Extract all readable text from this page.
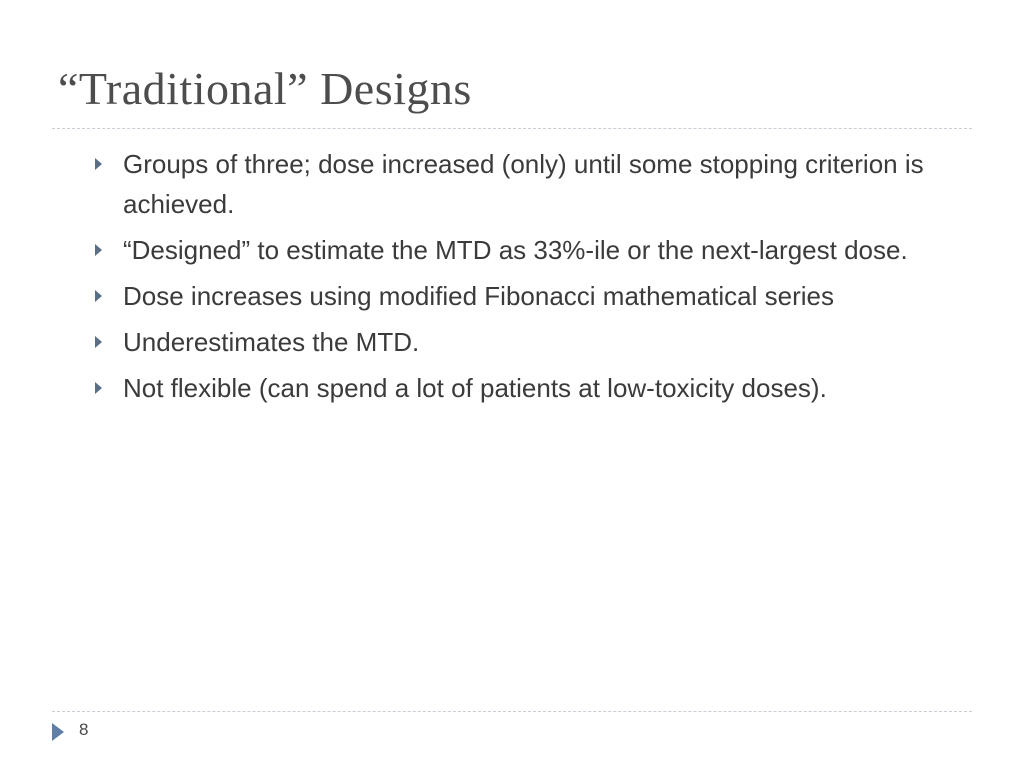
“Traditional” Designs
Groups of three; dose increased (only) until some stopping criterion is achieved.
“Designed” to estimate the MTD as 33%-ile or the next-largest dose.
Dose increases using modified Fibonacci mathematical series
Underestimates the MTD.
Not flexible (can spend a lot of patients at low-toxicity doses).
8
